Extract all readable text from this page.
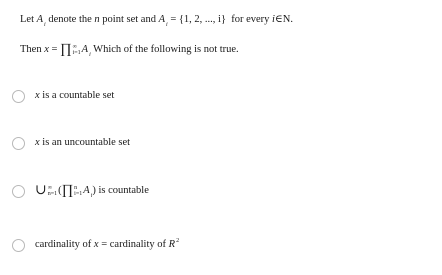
Let $A_i$ denote the n point set and $A_i = \{1$, 2, ..., i} for every i∈N.
Then x = ∏ ∞
i=1 $A_i$ Which of the following is not true.
x is a countable set
x is an uncountable set
∪ ∞
n=1 (∏ n
i=1 $A_i$) is countable
cardinality of x = cardinality of $R^2$
